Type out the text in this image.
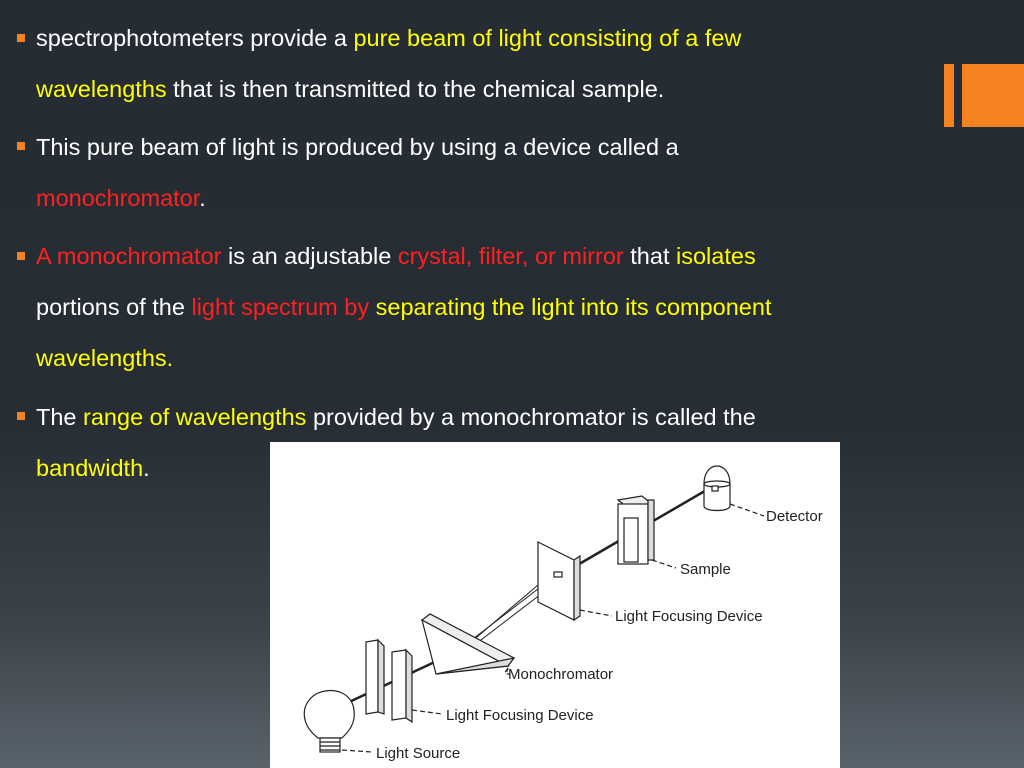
spectrophotometers provide a pure beam of light consisting of a few
wavelengths that is then transmitted to the chemical sample.
This pure beam of light is produced by using a device called a
monochromator.
A monochromator is an adjustable crystal, filter, or mirror that isolates
portions of the light spectrum by separating the light into its component
wavelengths.
The range of wavelengths provided by a monochromator is called the
bandwidth.
Detector
Sample
Light Focusing Device
Monochromator
Light Focusing Device
Light Source
